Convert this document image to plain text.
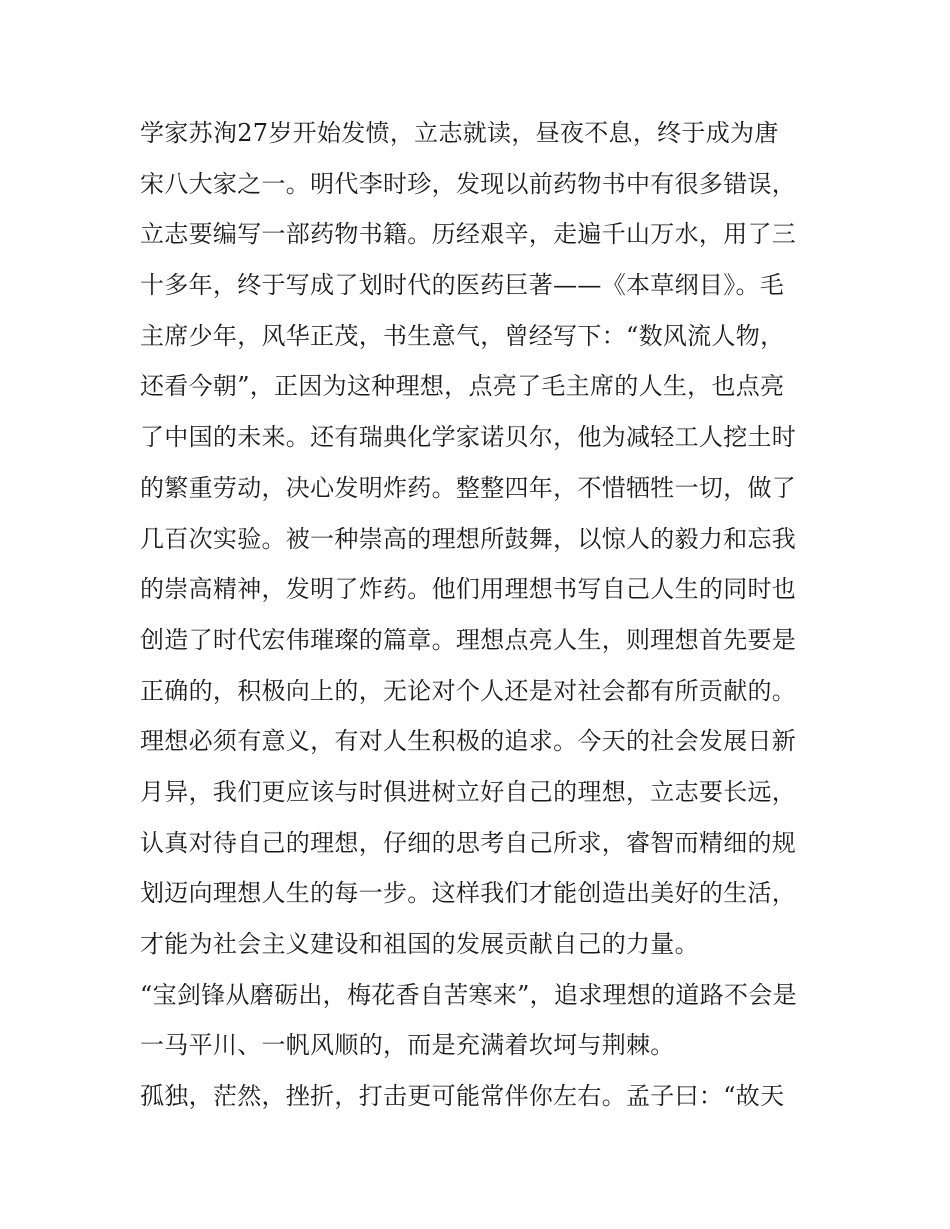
学家苏洵27岁开始发愤，立志就读，昼夜不息，终于成为唐
宋八大家之一。明代李时珍，发现以前药物书中有很多错误，
立志要编写一部药物书籍。历经艰辛，走遍千山万水，用了三
十多年，终于写成了划时代的医药巨著——《本草纲目》。毛
主席少年，风华正茂，书生意气，曾经写下：“数风流人物，
还看今朝”，正因为这种理想，点亮了毛主席的人生，也点亮
了中国的未来。还有瑞典化学家诺贝尔，他为减轻工人挖土时
的繁重劳动，决心发明炸药。整整四年，不惜牺牲一切，做了
几百次实验。被一种崇高的理想所鼓舞，以惊人的毅力和忘我
的崇高精神，发明了炸药。他们用理想书写自己人生的同时也
创造了时代宏伟璀璨的篇章。理想点亮人生，则理想首先要是
正确的，积极向上的，无论对个人还是对社会都有所贡献的。
理想必须有意义，有对人生积极的追求。今天的社会发展日新
月异，我们更应该与时俱进树立好自己的理想，立志要长远，
认真对待自己的理想，仔细的思考自己所求，睿智而精细的规
划迈向理想人生的每一步。这样我们才能创造出美好的生活，
才能为社会主义建设和祖国的发展贡献自己的力量。
“宝剑锋从磨砺出，梅花香自苦寒来”，追求理想的道路不会是
一马平川、一帆风顺的，而是充满着坎坷与荆棘。
孤独，茫然，挫折，打击更可能常伴你左右。孟子曰：“故天
